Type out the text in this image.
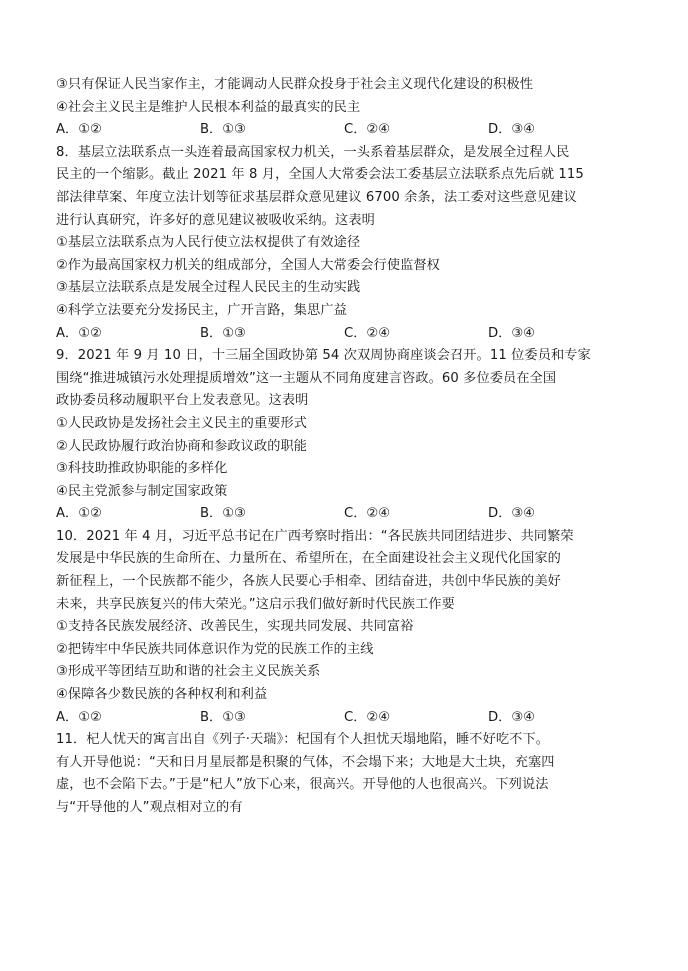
③只有保证人民当家作主，才能调动人民群众投身于社会主义现代化建设的积极性
④社会主义民主是维护人民根本利益的最真实的民主
A．①②	B．①③	C．②④	D．③④
8．基层立法联系点一头连着最高国家权力机关，一头系着基层群众，是发展全过程人民
民主的一个缩影。截止 2021 年 8 月，全国人大常委会法工委基层立法联系点先后就 115
部法律草案、年度立法计划等征求基层群众意见建议 6700 余条，法工委对这些意见建议
进行认真研究，许多好的意见建议被吸收采纳。这表明
①基层立法联系点为人民行使立法权提供了有效途径
②作为最高国家权力机关的组成部分，全国人大常委会行使监督权
③基层立法联系点是发展全过程人民民主的生动实践
④科学立法要充分发扬民主，广开言路，集思广益
A．①②	B．①③	C．②④	D．③④
9．2021 年 9 月 10 日，十三届全国政协第 54 次双周协商座谈会召开。11 位委员和专家
围绕“推进城镇污水处理提质增效”这一主题从不同角度建言咨政。60 多位委员在全国
政协委员移动履职平台上发表意见。这表明
①人民政协是发扬社会主义民主的重要形式
②人民政协履行政治协商和参政议政的职能
③科技助推政协职能的多样化
④民主党派参与制定国家政策
A．①②	B．①③	C．②④	D．③④
10．2021 年 4 月，习近平总书记在广西考察时指出：“各民族共同团结进步、共同繁荣
发展是中华民族的生命所在、力量所在、希望所在，在全面建设社会主义现代化国家的
新征程上，一个民族都不能少，各族人民要心手相牵、团结奋进，共创中华民族的美好
未来，共享民族复兴的伟大荣光。”这启示我们做好新时代民族工作要
①支持各民族发展经济、改善民生，实现共同发展、共同富裕
②把铸牢中华民族共同体意识作为党的民族工作的主线
③形成平等团结互助和谐的社会主义民族关系
④保障各少数民族的各种权利和利益
A．①②	B．①③	C．②④	D．③④
11．杞人忧天的寓言出自《列子·天瑞》：杞国有个人担忧天塌地陷，睡不好吃不下。
有人开导他说：“天和日月星辰都是积聚的气体，不会塌下来；大地是大土块，充塞四
虚，也不会陷下去。”于是“杞人”放下心来，很高兴。开导他的人也很高兴。下列说法
与“开导他的人”观点相对立的有
